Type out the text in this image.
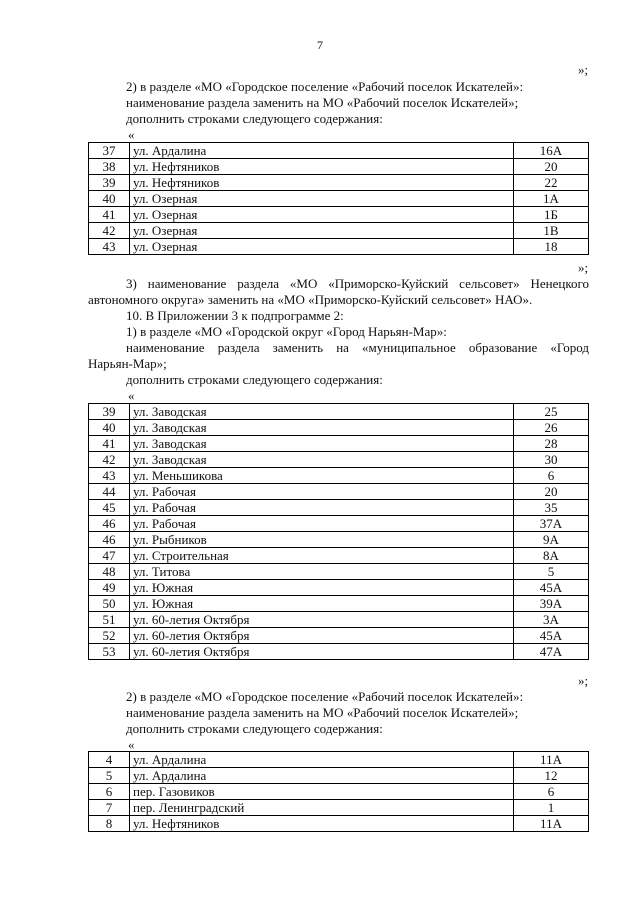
7
»;
2) в разделе «МО «Городское поселение «Рабочий поселок Искателей»:
наименование раздела заменить на МО «Рабочий поселок Искателей»;
дополнить строками следующего содержания:
«
37	ул. Ардалина	16А
38	ул. Нефтяников	20
39	ул. Нефтяников	22
40	ул. Озерная	1А
41	ул. Озерная	1Б
42	ул. Озерная	1В
43	ул. Озерная	18
»;
3) наименование раздела «МО «Приморско-Куйский сельсовет» Ненецкого
автономного округа» заменить на «МО «Приморско-Куйский сельсовет» НАО».
10. В Приложении 3 к подпрограмме 2:
1) в разделе «МО «Городской округ «Город Нарьян-Мар»:
наименование раздела заменить на «муниципальное образование «Город
Нарьян-Мар»;
дополнить строками следующего содержания:
«
39	ул. Заводская	25
40	ул. Заводская	26
41	ул. Заводская	28
42	ул. Заводская	30
43	ул. Меньшикова	6
44	ул. Рабочая	20
45	ул. Рабочая	35
46	ул. Рабочая	37А
46	ул. Рыбников	9А
47	ул. Строительная	8А
48	ул. Титова	5
49	ул. Южная	45А
50	ул. Южная	39А
51	ул. 60-летия Октября	3А
52	ул. 60-летия Октября	45А
53	ул. 60-летия Октября	47А
»;
2) в разделе «МО «Городское поселение «Рабочий поселок Искателей»:
наименование раздела заменить на МО «Рабочий поселок Искателей»;
дополнить строками следующего содержания:
«
4	ул. Ардалина	11А
5	ул. Ардалина	12
6	пер. Газовиков	6
7	пер. Ленинградский	1
8	ул. Нефтяников	11А
